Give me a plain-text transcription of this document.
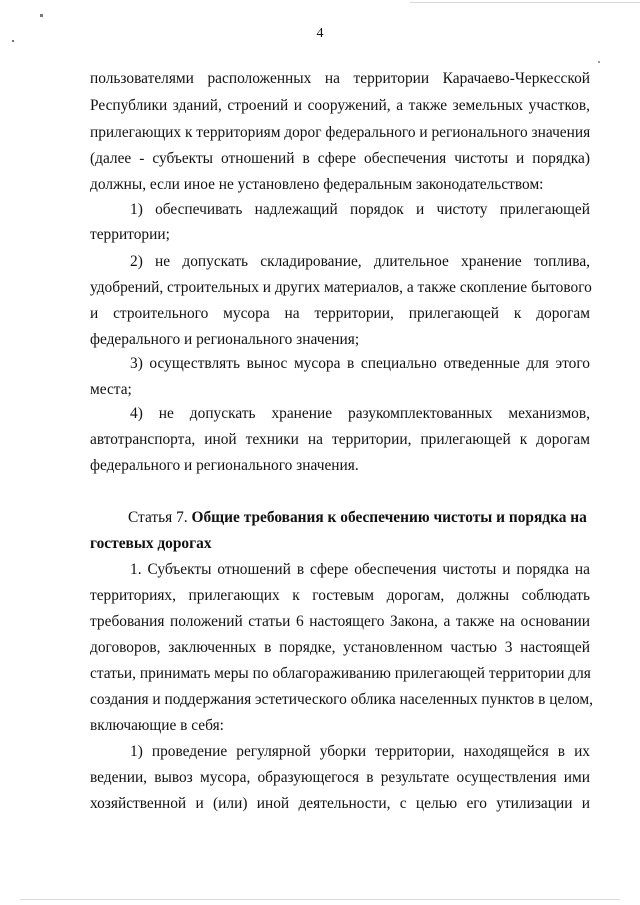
4
пользователями расположенных на территории Карачаево-Черкесской
Республики зданий, строений и сооружений, а также земельных участков,
прилегающих к территориям дорог федерального и регионального значения
(далее - субъекты отношений в сфере обеспечения чистоты и порядка)
должны, если иное не установлено федеральным законодательством:
1) обеспечивать надлежащий порядок и чистоту прилегающей
территории;
2) не допускать складирование, длительное хранение топлива,
удобрений, строительных и других материалов, а также скопление бытового
и строительного мусора на территории, прилегающей к дорогам
федерального и регионального значения;
3) осуществлять вынос мусора в специально отведенные для этого
места;
4) не допускать хранение разукомплектованных механизмов,
автотранспорта, иной техники на территории, прилегающей к дорогам
федерального и регионального значения.
Статья 7. Общие требования к обеспечению чистоты и порядка на
гостевых дорогах
1. Субъекты отношений в сфере обеспечения чистоты и порядка на
территориях, прилегающих к гостевым дорогам, должны соблюдать
требования положений статьи 6 настоящего Закона, а также на основании
договоров, заключенных в порядке, установленном частью 3 настоящей
статьи, принимать меры по облагораживанию прилегающей территории для
создания и поддержания эстетического облика населенных пунктов в целом,
включающие в себя:
1) проведение регулярной уборки территории, находящейся в их
ведении, вывоз мусора, образующегося в результате осуществления ими
хозяйственной и (или) иной деятельности, с целью его утилизации и
